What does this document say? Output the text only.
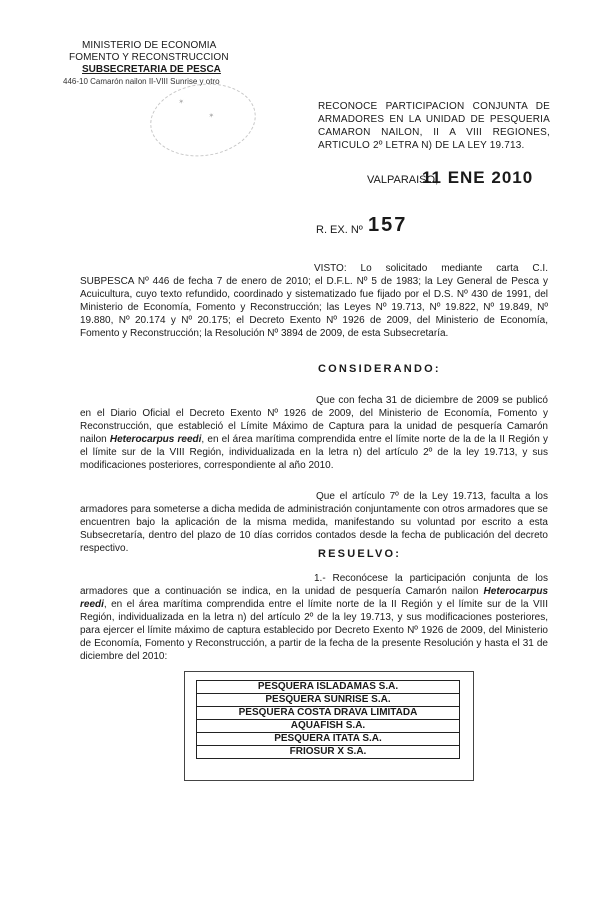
MINISTERIO DE ECONOMIA
FOMENTO Y RECONSTRUCCION
SUBSECRETARIA DE PESCA
446-10 Camarón nailon II-VIII Sunrise y otro
✶
✶
RECONOCE PARTICIPACION CONJUNTA DE ARMADORES EN LA UNIDAD DE PESQUERIA CAMARON NAILON, II A VIII REGIONES, ARTICULO 2º LETRA N) DE LA LEY 19.713.
VALPARAISO,
11 ENE 2010
R. EX. Nº 157
VISTO: Lo solicitado mediante carta C.I. SUBPESCA Nº 446 de fecha 7 de enero de 2010; el D.F.L. Nº 5 de 1983; la Ley General de Pesca y Acuicultura, cuyo texto refundido, coordinado y sistematizado fue fijado por el D.S. Nº 430 de 1991, del Ministerio de Economía, Fomento y Reconstrucción; las Leyes Nº 19.713, Nº 19.822, Nº 19.849, Nº 19.880, Nº 20.174 y Nº 20.175; el Decreto Exento Nº 1926 de 2009, del Ministerio de Economía, Fomento y Reconstrucción; la Resolución Nº 3894 de 2009, de esta Subsecretaría.
CONSIDERANDO:
Que con fecha 31 de diciembre de 2009 se publicó en el Diario Oficial el Decreto Exento Nº 1926 de 2009, del Ministerio de Economía, Fomento y Reconstrucción, que estableció el Límite Máximo de Captura para la unidad de pesquería Camarón nailon Heterocarpus reedi, en el área marítima comprendida entre el límite norte de la de la II Región y el límite sur de la VIII Región, individualizada en la letra n) del artículo 2º de la ley 19.713, y sus modificaciones posteriores, correspondiente al año 2010.
Que el artículo 7º de la Ley 19.713, faculta a los armadores para someterse a dicha medida de administración conjuntamente con otros armadores que se encuentren bajo la aplicación de la misma medida, manifestando su voluntad por escrito a esta Subsecretaría, dentro del plazo de 10 días corridos contados desde la fecha de publicación del decreto respectivo.	RESUELVO:
1.- Reconócese la participación conjunta de los armadores que a continuación se indica, en la unidad de pesquería Camarón nailon Heterocarpus reedi, en el área marítima comprendida entre el límite norte de la II Región y el límite sur de la VIII Región, individualizada en la letra n) del artículo 2º de la ley 19.713, y sus modificaciones posteriores, para ejercer el límite máximo de captura establecido por Decreto Exento Nº 1926 de 2009, del Ministerio de Economía, Fomento y Reconstrucción, a partir de la fecha de la presente Resolución y hasta el 31 de diciembre del 2010:
PESQUERA ISLADAMAS S.A.
PESQUERA SUNRISE S.A.
PESQUERA COSTA DRAVA LIMITADA
AQUAFISH S.A.
PESQUERA ITATA S.A.
FRIOSUR X S.A.
